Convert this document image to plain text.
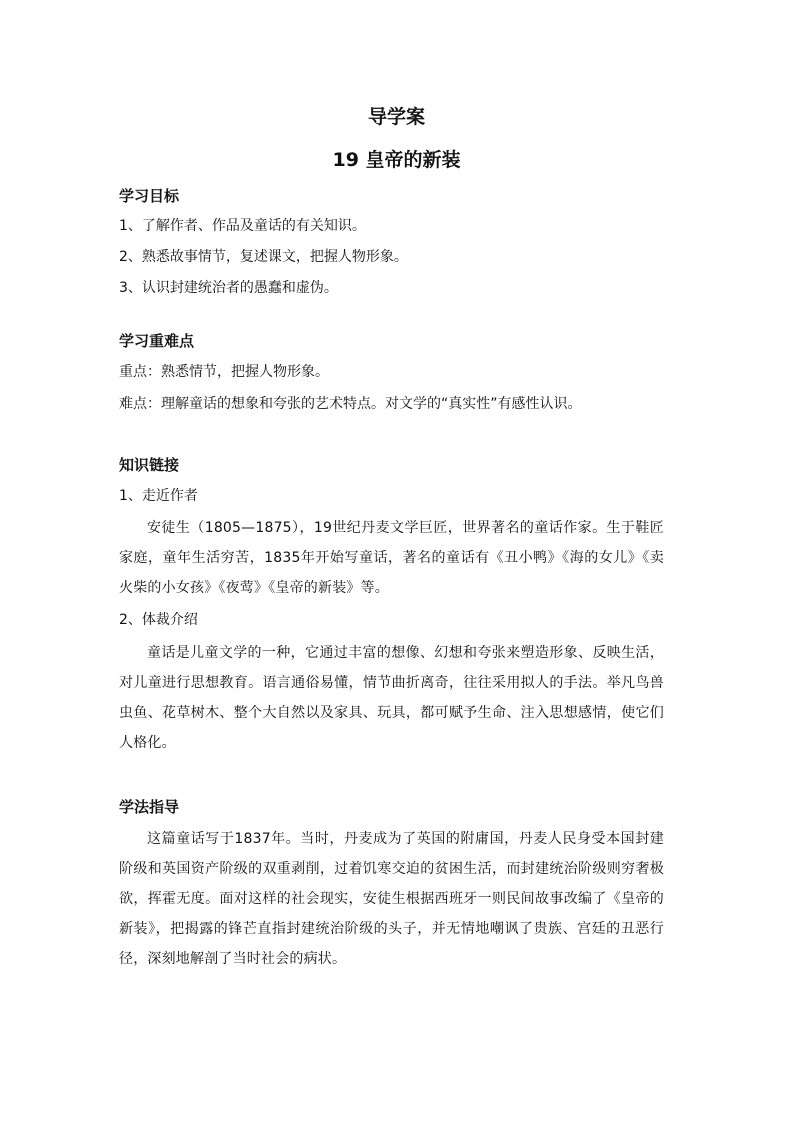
导学案
19 皇帝的新装
学习目标

1、了解作者、作品及童话的有关知识。

2、熟悉故事情节，复述课文，把握人物形象。

3、认识封建统治者的愚蠢和虚伪。

学习重难点

重点：熟悉情节，把握人物形象。

难点：理解童话的想象和夸张的艺术特点。对文学的“真实性”有感性认识。

知识链接

1、走近作者

安徒生（1805—1875），19世纪丹麦文学巨匠，世界著名的童话作家。生于鞋匠家庭，童年生活穷苦，1835年开始写童话，著名的童话有《丑小鸭》《海的女儿》《卖火柴的小女孩》《夜莺》《皇帝的新装》等。

2、体裁介绍

童话是儿童文学的一种，它通过丰富的想像、幻想和夸张来塑造形象、反映生活，对儿童进行思想教育。语言通俗易懂，情节曲折离奇，往往采用拟人的手法。举凡鸟兽虫鱼、花草树木、整个大自然以及家具、玩具，都可赋予生命、注入思想感情，使它们人格化。

学法指导

这篇童话写于1837年。当时，丹麦成为了英国的附庸国，丹麦人民身受本国封建阶级和英国资产阶级的双重剥削，过着饥寒交迫的贫困生活，而封建统治阶级则穷奢极欲，挥霍无度。面对这样的社会现实，安徒生根据西班牙一则民间故事改编了《皇帝的新装》，把揭露的锋芒直指封建统治阶级的头子，并无情地嘲讽了贵族、宫廷的丑恶行径，深刻地解剖了当时社会的病状。
